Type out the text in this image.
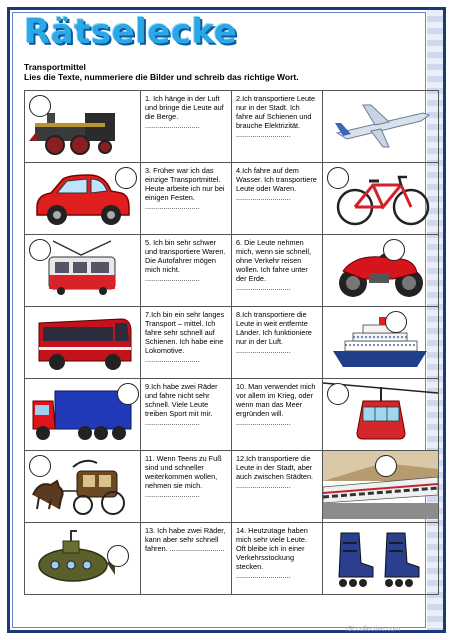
Rätselecke
Transportmittel
Lies die Texte, nummeriere die Bilder und schreib das richtige Wort.
	1. Ich hänge in der Luft und bringe die Leute auf die Berge. ...........................	2.Ich transportiere Leute nur in der Stadt. Ich fahre auf Schienen und brauche Elektrizität. ...........................	

	3. Früher war ich das einzige Transportmittel. Heute arbeite ich nur bei einigen Festen. ...........................	4.Ich fahre auf dem Wasser. Ich transportiere Leute oder Waren. ...........................	

	5. Ich bin sehr schwer und transportiere Waren. Die Autofahrer mögen mich nicht. ...........................	6. Die Leute nehmen mich, wenn sie schnell, ohne Verkehr reisen wollen. Ich fahre unter der Erde. ...........................	

	7.Ich bin ein sehr langes Transport – mittel. Ich fahre sehr schnell auf Schienen. Ich habe eine Lokomotive. ...........................	8.Ich transportiere die Leute in weit entfernte Länder. Ich funktioniere nur in der Luft. ...........................	

	9.Ich habe zwei Räder und fahre nicht sehr schnell. Viele Leute treiben Sport mit mir. ...........................	10. Man verwendet mich vor allem im Krieg, oder wenn man das Meer ergründen will. ...........................	

	11. Wenn Teens zu Fuß sind und schneller weiterkommen wollen, nehmen sie mich. ...........................	12.Ich transportiere die Leute in der Stadt, aber auch zwischen Städten. ...........................	

	13. Ich habe zwei Räder, kann aber sehr schnell fahren. ...........................	14. Heutzutage haben mich sehr viele Leute. Oft bleibe ich in einer Verkehrsstockung stecken. ...........................	
iSLcollective.com
